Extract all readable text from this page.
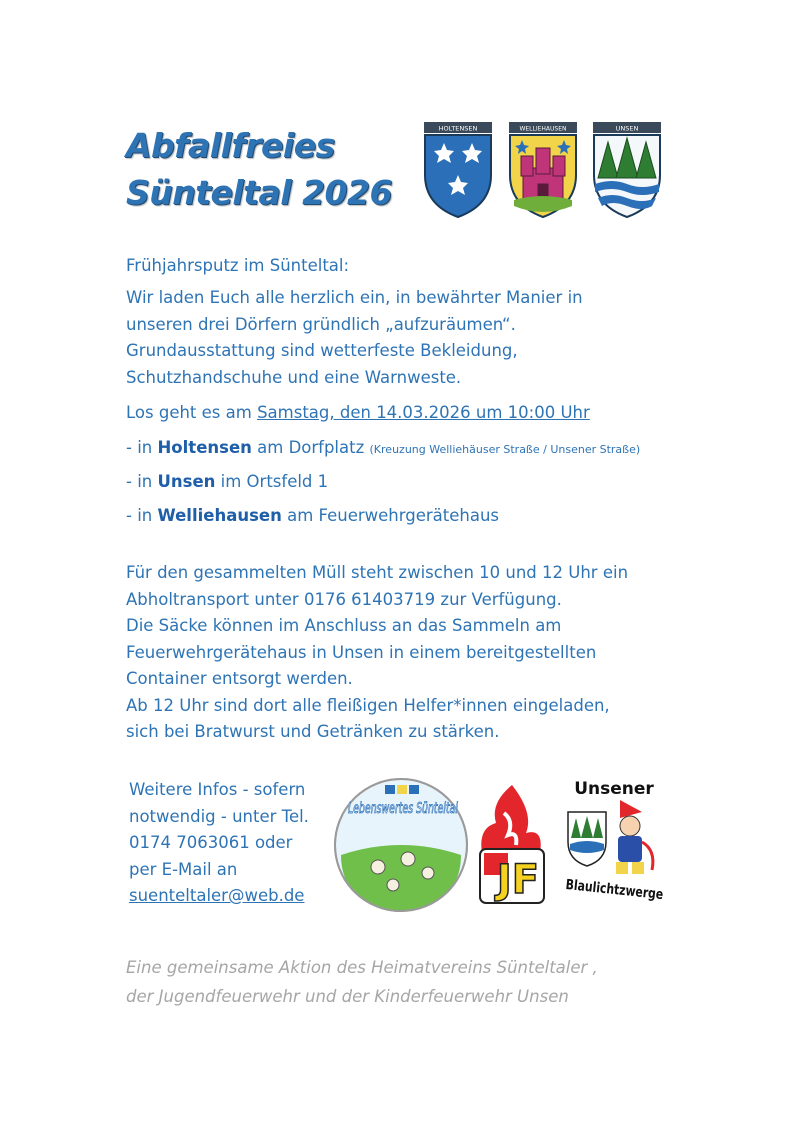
Abfallfreies
Sünteltal 2026
HOLTENSEN	WELLIEHAUSEN	UNSEN

Frühjahrsputz im Sünteltal:

Wir laden Euch alle herzlich ein, in bewährter Manier in
unseren drei Dörfern gründlich „aufzuräumen“.
Grundausstattung sind wetterfeste Bekleidung,
Schutzhandschuhe und eine Warnweste.
Los geht es am Samstag, den 14.03.2026 um 10:00 Uhr
- in Holtensen am Dorfplatz (Kreuzung Welliehäuser Straße / Unsener Straße)
- in Unsen im Ortsfeld 1
- in Welliehausen am Feuerwehrgerätehaus
Für den gesammelten Müll steht zwischen 10 und 12 Uhr ein
Abholtransport unter 0176 61403719 zur Verfügung.
Die Säcke können im Anschluss an das Sammeln am
Feuerwehrgerätehaus in Unsen in einem bereitgestellten
Container entsorgt werden.
Ab 12 Uhr sind dort alle fleißigen Helfer*innen eingeladen,
sich bei Bratwurst und Getränken zu stärken.
Weitere Infos - sofern
notwendig - unter Tel.
0174 7063061 oder
per E-Mail an
suenteltaler@web.de
Lebenswertes Sünteltal
JF
Unsener
Blaulichtzwerge
Eine gemeinsame Aktion des Heimatvereins Sünteltaler ,
der Jugendfeuerwehr und der Kinderfeuerwehr Unsen
